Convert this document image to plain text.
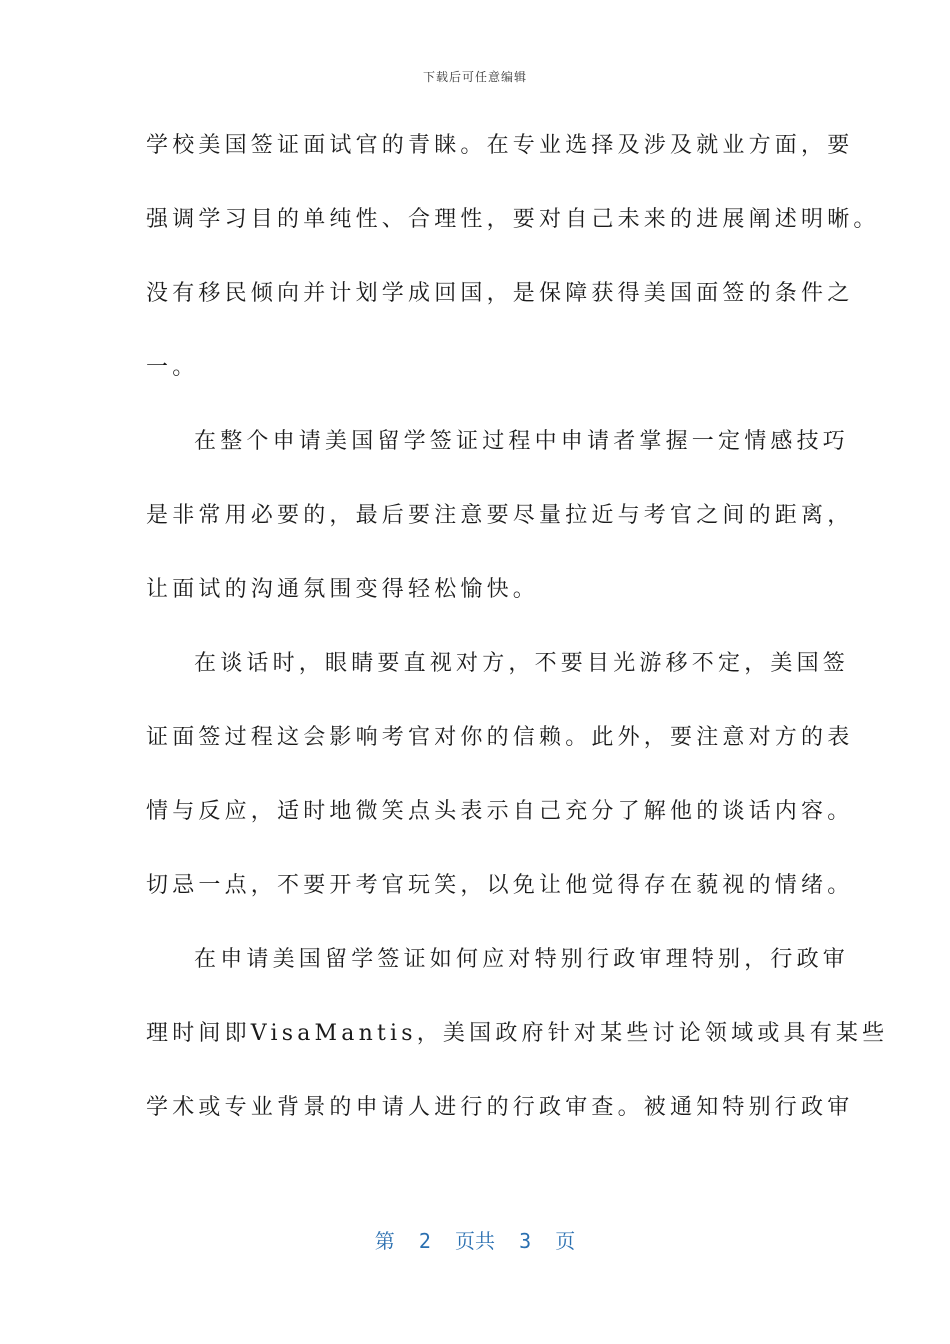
下载后可任意编辑
学校美国签证面试官的青睐。在专业选择及涉及就业方面，要
强调学习目的单纯性、合理性，要对自己未来的进展阐述明晰。
没有移民倾向并计划学成回国，是保障获得美国面签的条件之
一。
在整个申请美国留学签证过程中申请者掌握一定情感技巧
是非常用必要的，最后要注意要尽量拉近与考官之间的距离，
让面试的沟通氛围变得轻松愉快。
在谈话时，眼睛要直视对方，不要目光游移不定，美国签
证面签过程这会影响考官对你的信赖。此外，要注意对方的表
情与反应，适时地微笑点头表示自己充分了解他的谈话内容。
切忌一点，不要开考官玩笑，以免让他觉得存在藐视的情绪。
在申请美国留学签证如何应对特别行政审理特别，行政审
理时间即VisaMantis，美国政府针对某些讨论领域或具有某些
学术或专业背景的申请人进行的行政审查。被通知特别行政审
第  2  页共  3  页
